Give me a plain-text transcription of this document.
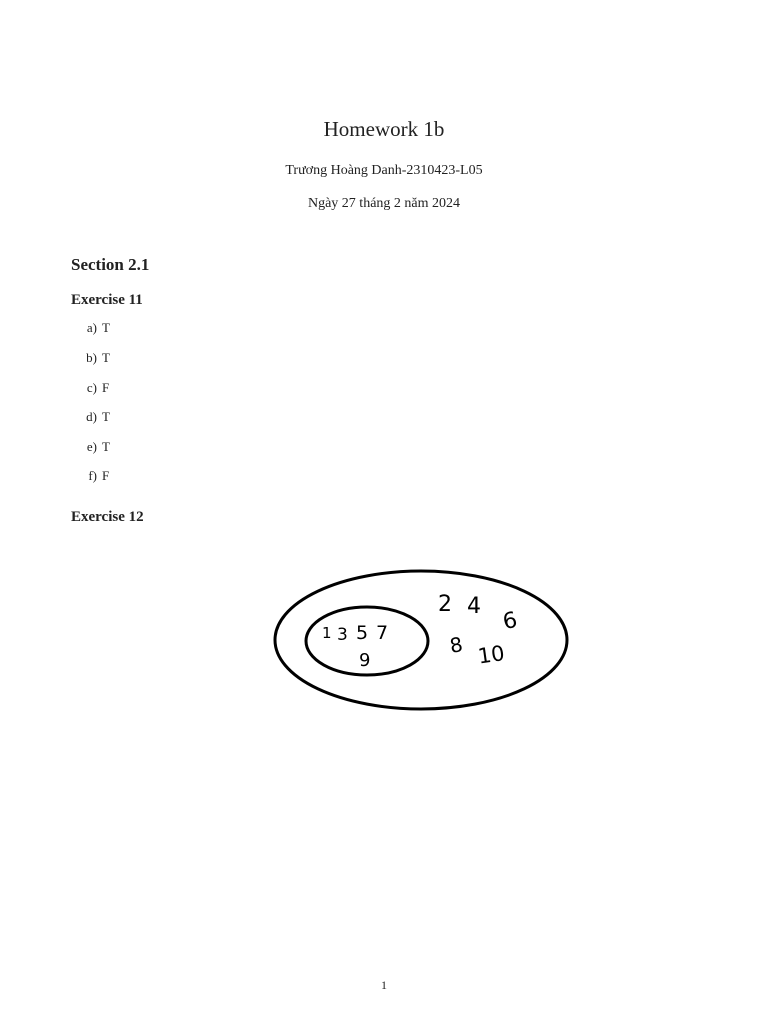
Homework 1b
Trương Hoàng Danh-2310423-L05
Ngày 27 tháng 2 năm 2024
Section 2.1
Exercise 11
a) T
b) T
c) F
d) T
e) T
f) F
Exercise 12
1 3 5 7
9
2 4
6
8 10
1
